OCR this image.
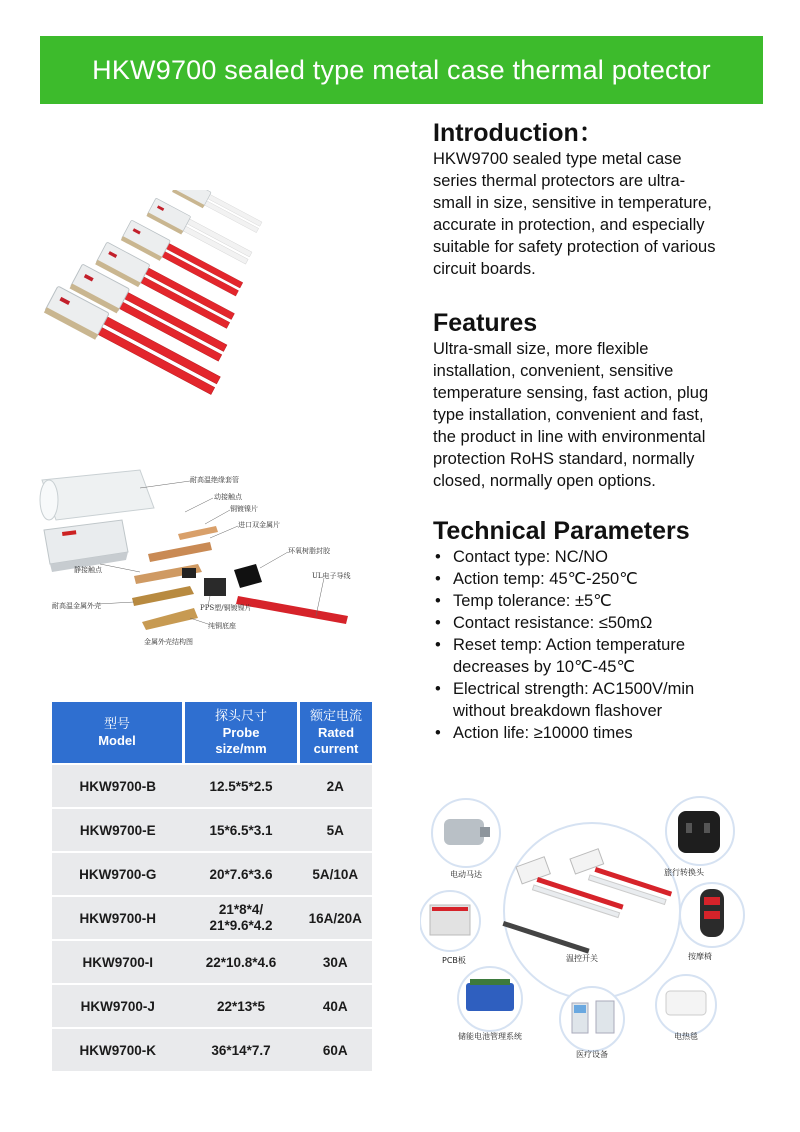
HKW9700 sealed type metal case thermal potector
耐高温绝缘套管
动接触点
铜镀镍片
进口双金属片
环氧树脂封胶
静接触点
UL电子导线
耐高温金属外壳	PPS塑/铜镀镍片
纯铜底座
金属外壳结构图
Introduction：

HKW9700 sealed type metal case

series thermal protectors are ultra-

small in size, sensitive in temperature,

accurate in protection, and especially

suitable for safety protection of various

circuit boards.

Features

Ultra-small size, more flexible

installation, convenient, sensitive

temperature sensing, fast action, plug

type installation, convenient and fast,

the product in line with environmental

protection RoHS standard, normally

closed, normally open options.

Technical Parameters
• Contact type: NC/NO
• Action temp: 45℃-250℃
• Temp tolerance: ±5℃
• Contact resistance: ≤50mΩ
• Reset temp: Action temperature
decreases by 10℃-45℃
• Electrical strength: AC1500V/min
without breakdown flashover
• Action life: ≥10000 times
型号
Model	探头尺寸
Probe
size/mm	额定电流
Rated
current
HKW9700-B	12.5*5*2.5	2A
HKW9700-E	15*6.5*3.1	5A
HKW9700-G	20*7.6*3.6	5A/10A
HKW9700-H	21*8*4/
21*9.6*4.2	16A/20A
HKW9700-I	22*10.8*4.6	30A
HKW9700-J	22*13*5	40A
HKW9700-K	36*14*7.7	60A
温控开关
电动马达	旅行转换头
PCB板	按摩椅
储能电池管理系统
医疗设备
电热毯
